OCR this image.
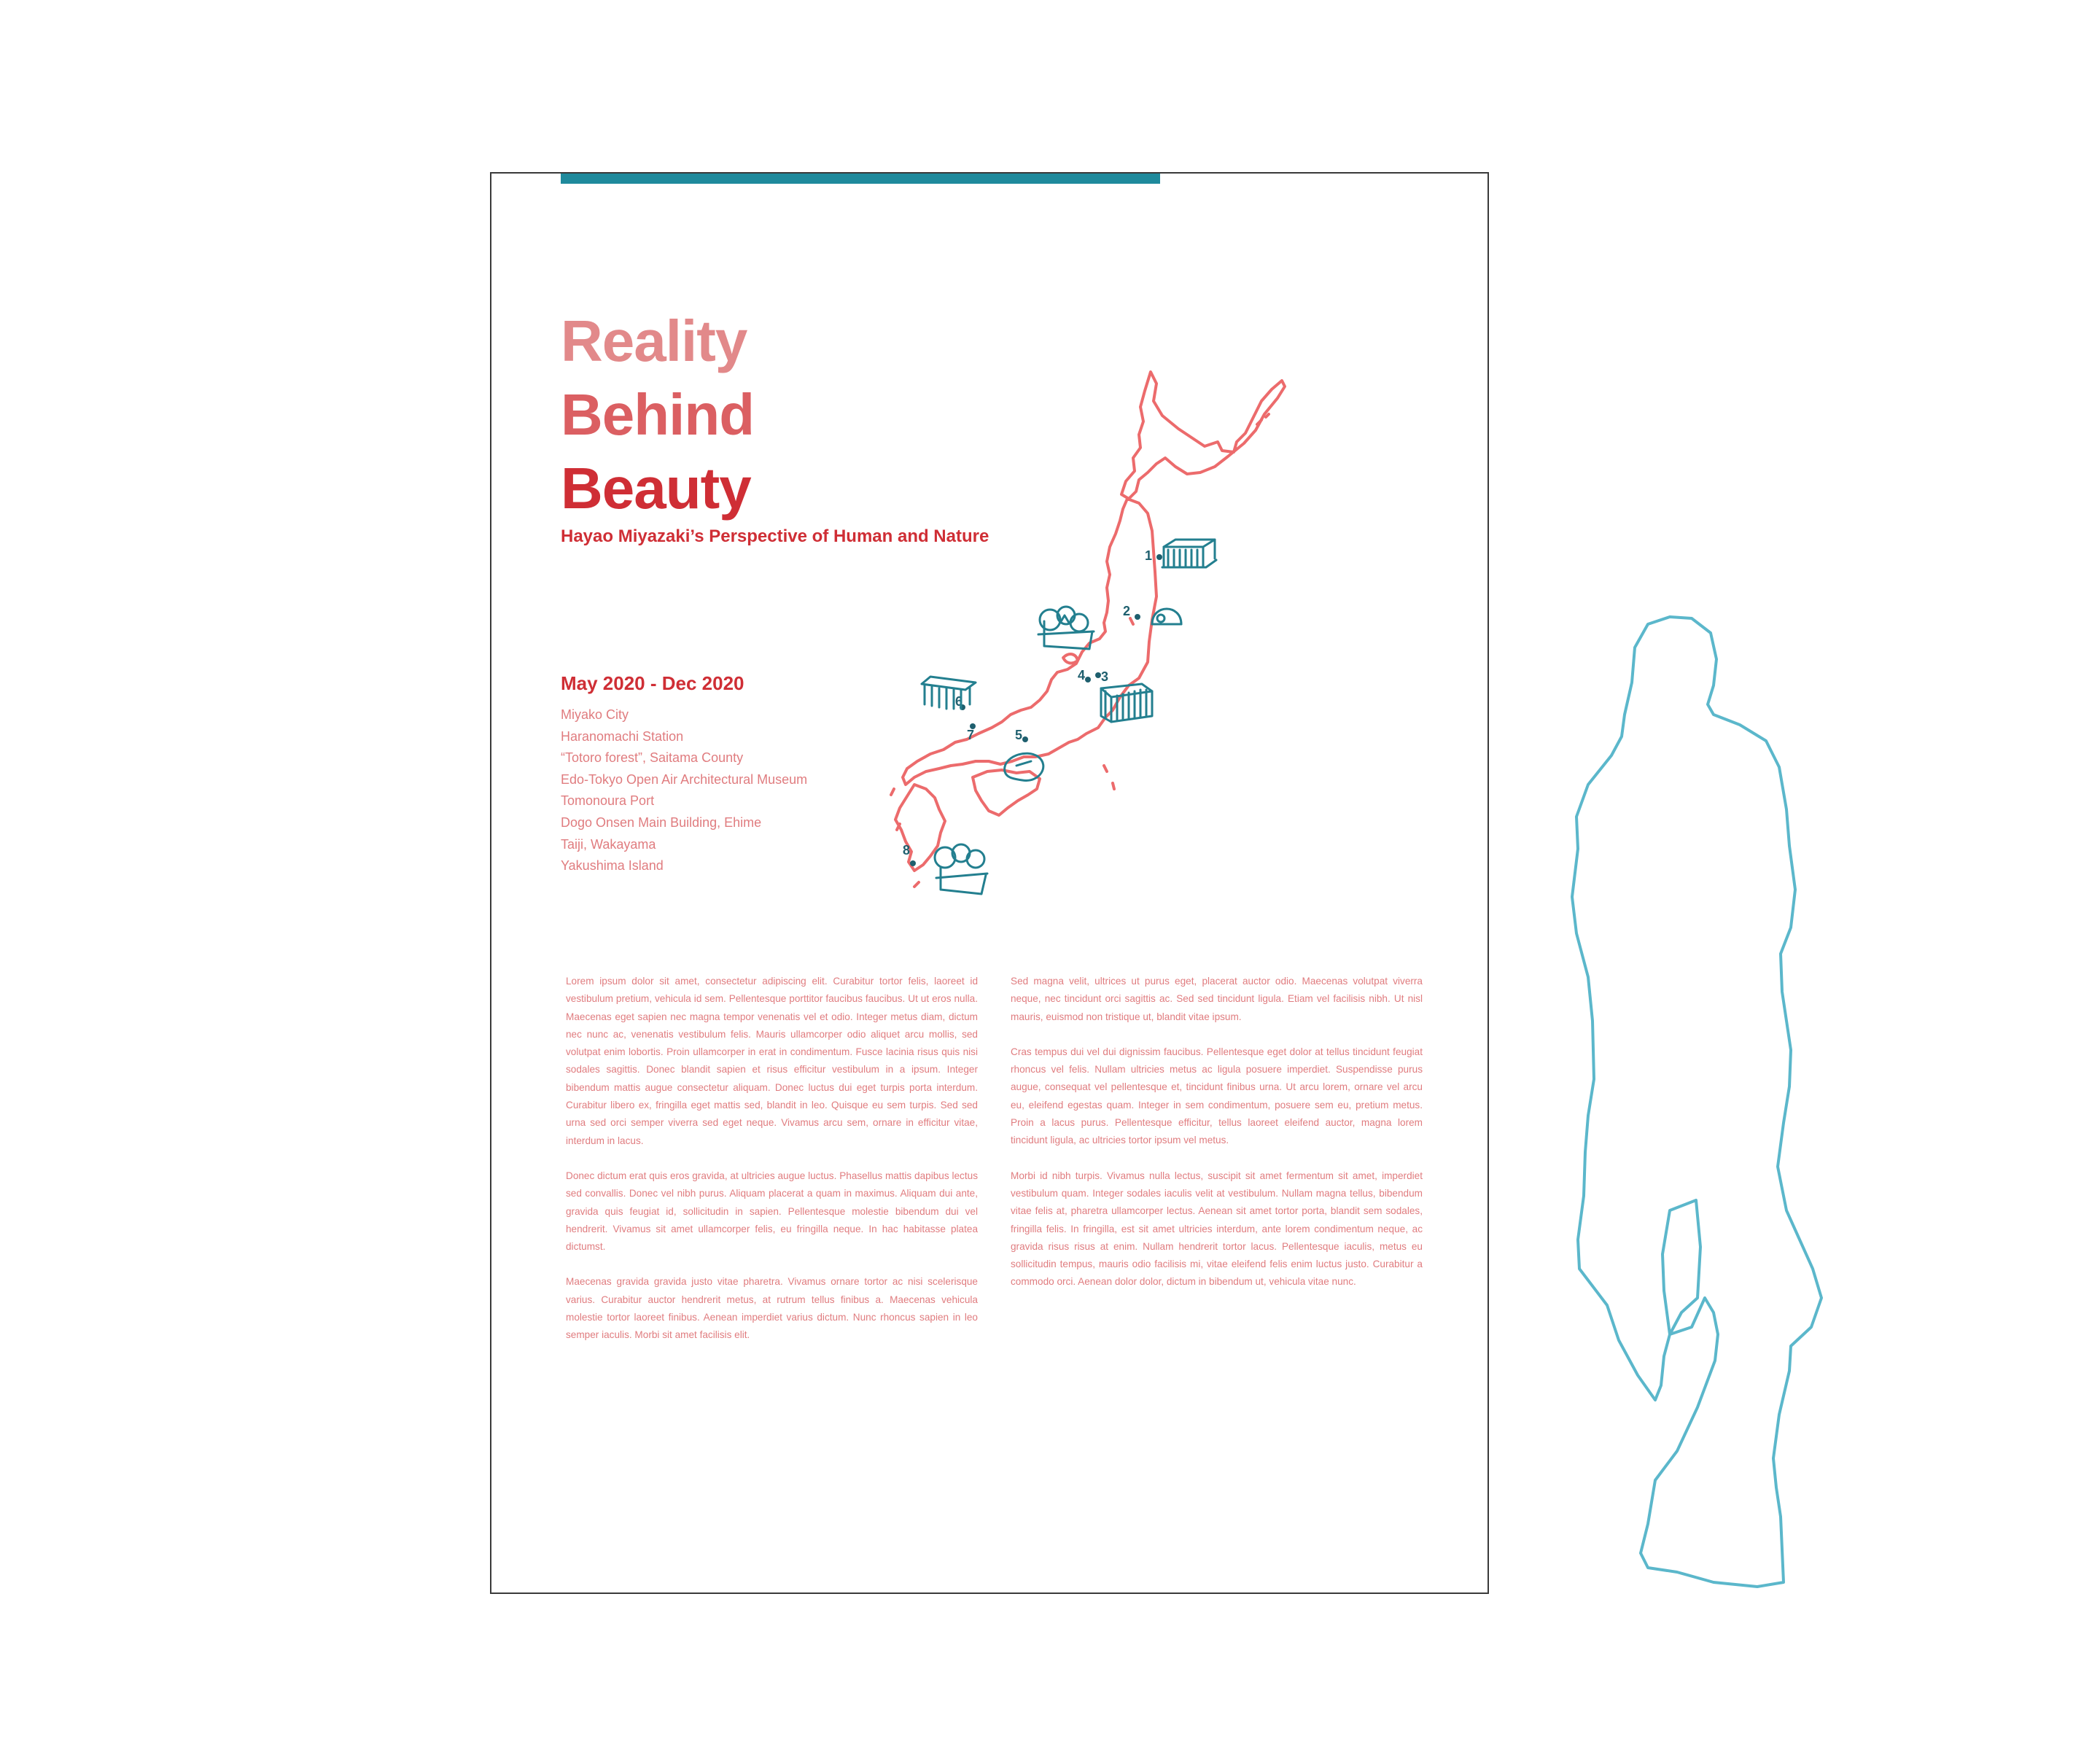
Reality
Behind
Beauty
Hayao Miyazaki’s Perspective of Human and Nature
May 2020 - Dec 2020
Miyako City
Haranomachi Station
“Totoro forest”, Saitama County
Edo-Tokyo Open Air Architectural Museum
Tomonoura Port
Dogo Onsen Main Building, Ehime
Taiji, Wakayama
Yakushima Island
1
2
3
4
5
6
7
8

Lorem ipsum dolor sit amet, consectetur adipiscing elit. Curabitur tortor felis, laoreet id vestibulum pretium, vehicula id sem. Pellentesque porttitor faucibus faucibus. Ut ut eros nulla. Maecenas eget sapien nec magna tempor venenatis vel et odio. Integer metus diam, dictum nec nunc ac, venenatis vestibulum felis. Mauris ullamcorper odio aliquet arcu mollis, sed volutpat enim lobortis. Proin ullamcorper in erat in condimentum. Fusce lacinia risus quis nisi sodales sagittis. Donec blandit sapien et risus efficitur vestibulum in a ipsum. Integer bibendum mattis augue consectetur aliquam. Donec luctus dui eget turpis porta interdum. Curabitur libero ex, fringilla eget mattis sed, blandit in leo. Quisque eu sem turpis. Sed sed urna sed orci semper viverra sed eget neque. Vivamus arcu sem, ornare in efficitur vitae, interdum in lacus.

Donec dictum erat quis eros gravida, at ultricies augue luctus. Phasellus mattis dapibus lectus sed convallis. Donec vel nibh purus. Aliquam placerat a quam in maximus. Aliquam dui ante, gravida quis feugiat id, sollicitudin in sapien. Pellentesque molestie bibendum dui vel hendrerit. Vivamus sit amet ullamcorper felis, eu fringilla neque. In hac habitasse platea dictumst.

Maecenas gravida gravida justo vitae pharetra. Vivamus ornare tortor ac nisi scelerisque varius. Curabitur auctor hendrerit metus, at rutrum tellus finibus a. Maecenas vehicula molestie tortor laoreet finibus. Aenean imperdiet varius dictum. Nunc rhoncus sapien in leo semper iaculis. Morbi sit amet facilisis elit.

Sed magna velit, ultrices ut purus eget, placerat auctor odio. Maecenas volutpat viverra neque, nec tincidunt orci sagittis ac. Sed sed tincidunt ligula. Etiam vel facilisis nibh. Ut nisl mauris, euismod non tristique ut, blandit vitae ipsum.

Cras tempus dui vel dui dignissim faucibus. Pellentesque eget dolor at tellus tincidunt feugiat rhoncus vel felis. Nullam ultricies metus ac ligula posuere imperdiet. Suspendisse purus augue, consequat vel pellentesque et, tincidunt finibus urna. Ut arcu lorem, ornare vel arcu eu, eleifend egestas quam. Integer in sem condimentum, posuere sem eu, pretium metus. Proin a lacus purus. Pellentesque efficitur, tellus laoreet eleifend auctor, magna lorem tincidunt ligula, ac ultricies tortor ipsum vel metus.

Morbi id nibh turpis. Vivamus nulla lectus, suscipit sit amet fermentum sit amet, imperdiet vestibulum quam. Integer sodales iaculis velit at vestibulum. Nullam magna tellus, bibendum vitae felis at, pharetra ullamcorper lectus. Aenean sit amet tortor porta, blandit sem sodales, fringilla felis. In fringilla, est sit amet ultricies interdum, ante lorem condimentum neque, ac gravida risus risus at enim. Nullam hendrerit tortor lacus. Pellentesque iaculis, metus eu sollicitudin tempus, mauris odio facilisis mi, vitae eleifend felis enim luctus justo. Curabitur a commodo orci. Aenean dolor dolor, dictum in bibendum ut, vehicula vitae nunc.
